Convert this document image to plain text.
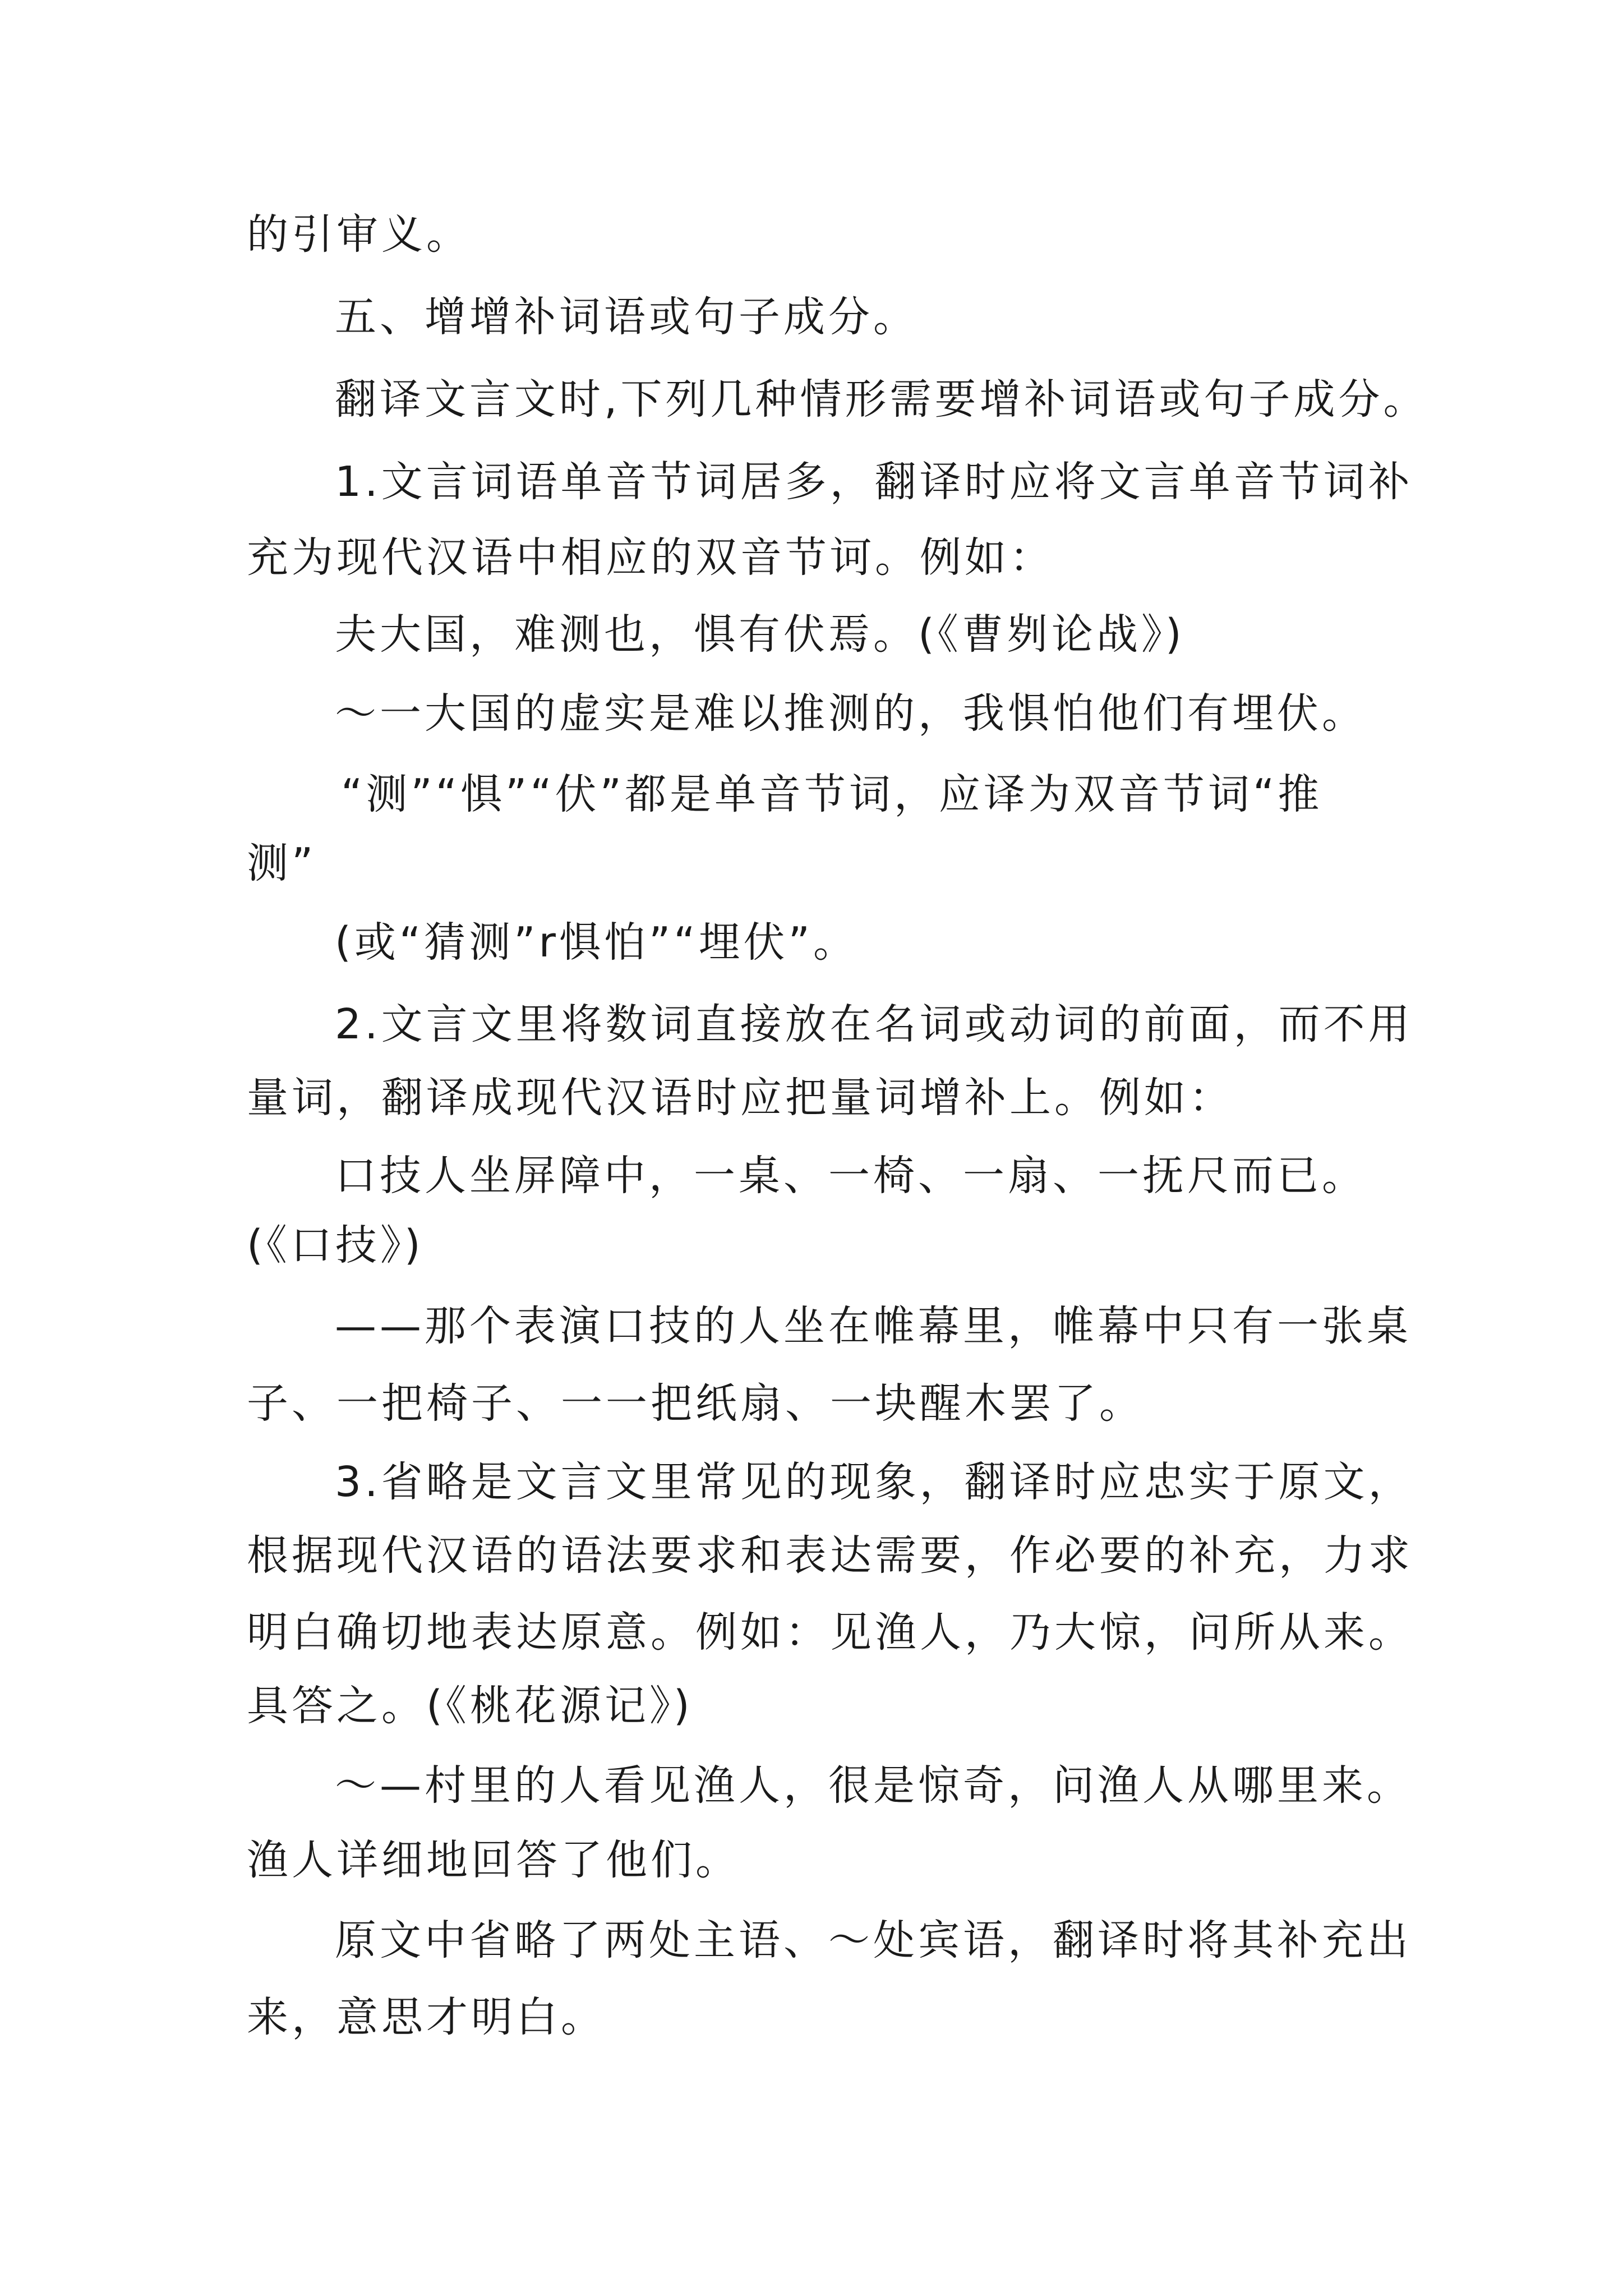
的引审义。

五、增增补词语或句子成分。

翻译文言文时,下列几种情形需要增补词语或句子成分。

1.文言词语单音节词居多，翻译时应将文言单音节词补

充为现代汉语中相应的双音节诃。例如：

夫大国，难测也，惧有伏焉。(《曹刿论战》)

〜一大国的虚实是难以推测的，我惧怕他们有埋伏。

“测”“惧”“伏”都是单音节词，应译为双音节词“推

测”

(或“猜测”r惧怕”“埋伏”。

2.文言文里将数词直接放在名词或动词的前面，而不用

量词，翻译成现代汉语时应把量词增补上。例如：

口技人坐屏障中，一桌、一椅、一扇、一抚尺而已。

(《口技》)

——那个表演口技的人坐在帷幕里，帷幕中只有一张桌

子、一把椅子、一一把纸扇、一块醒木罢了。

3.省略是文言文里常见的现象，翻译时应忠实于原文，

根据现代汉语的语法要求和表达需要，作必要的补充，力求

明白确切地表达原意。例如：见渔人，乃大惊，问所从来。

具答之。(《桃花源记》)

〜—村里的人看见渔人，很是惊奇，问渔人从哪里来。

渔人详细地回答了他们。

原文中省略了两处主语、〜处宾语，翻译时将其补充出

来，意思才明白。
